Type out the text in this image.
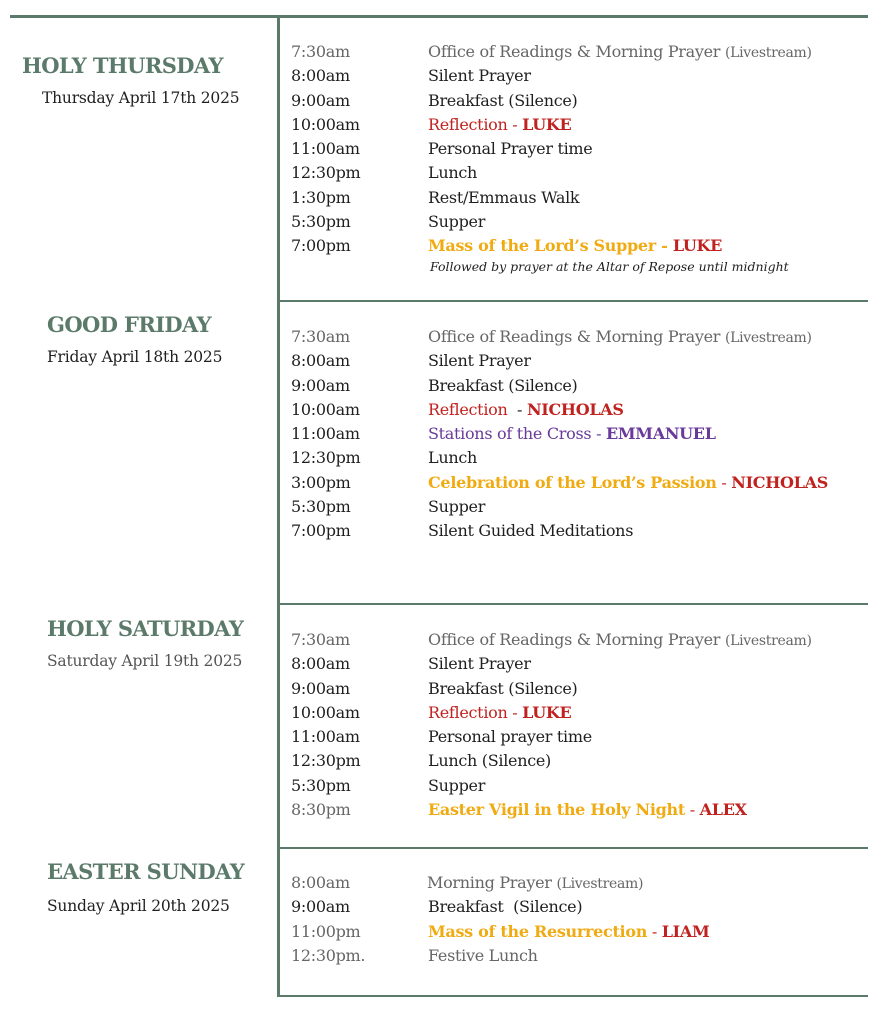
HOLY THURSDAY
Thursday April 17th 2025
7:30am	Office of Readings & Morning Prayer (Livestream)
8:00am	Silent Prayer
9:00am	Breakfast (Silence)
10:00am	Reflection - LUKE
11:00am	Personal Prayer time
12:30pm	Lunch
1:30pm	Rest/Emmaus Walk
5:30pm	Supper
7:00pm	Mass of the Lord’s Supper - LUKE
Followed by prayer at the Altar of Repose until midnight
GOOD FRIDAY
Friday April 18th 2025
7:30am	Office of Readings & Morning Prayer (Livestream)
8:00am	Silent Prayer
9:00am	Breakfast (Silence)
10:00am	Reflection  - NICHOLAS
11:00am	Stations of the Cross - EMMANUEL
12:30pm	Lunch
3:00pm	Celebration of the Lord’s Passion - NICHOLAS
5:30pm	Supper
7:00pm	Silent Guided Meditations
HOLY SATURDAY
Saturday April 19th 2025
7:30am	Office of Readings & Morning Prayer (Livestream)
8:00am	Silent Prayer
9:00am	Breakfast (Silence)
10:00am	Reflection - LUKE
11:00am	Personal prayer time
12:30pm	Lunch (Silence)
5:30pm	Supper
8:30pm	Easter Vigil in the Holy Night - ALEX
EASTER SUNDAY
Sunday April 20th 2025
8:00am	Morning Prayer (Livestream)
9:00am	Breakfast  (Silence)
11:00pm	Mass of the Resurrection - LIAM
12:30pm.	Festive Lunch
